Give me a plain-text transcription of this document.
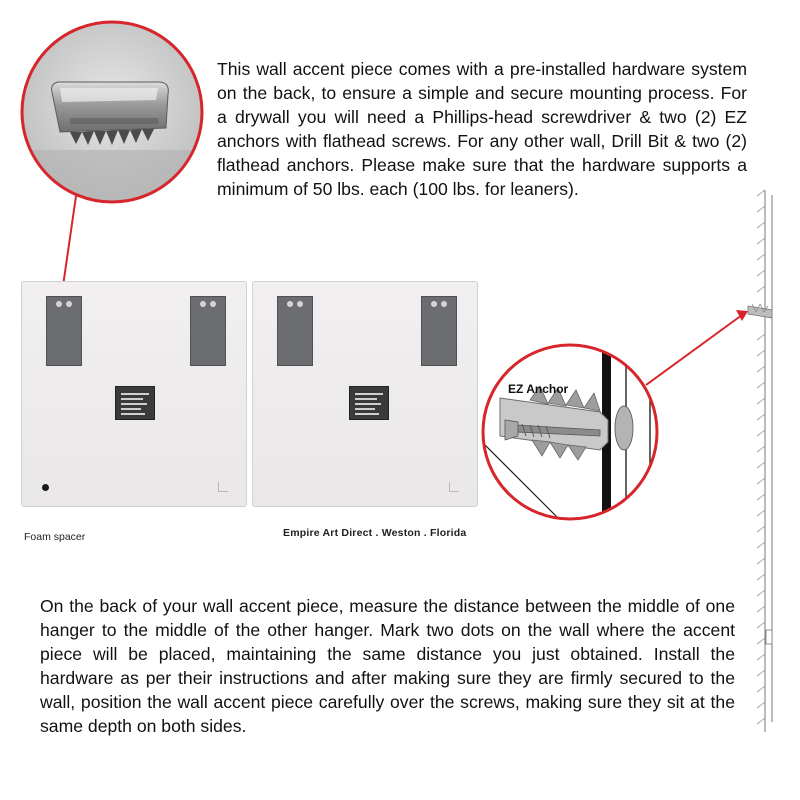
This wall accent piece comes with a pre-installed hardware system on the back, to ensure a simple and secure mounting process. For a drywall you will need a Phillips-head screwdriver & two (2) EZ anchors with flathead screws. For any other wall, Drill Bit & two (2) flathead anchors. Please make sure that the hardware supports a minimum of 50 lbs. each (100 lbs. for leaners).
Foam spacer	Empire Art Direct . Weston . Florida
EZ Anchor
On the back of your wall accent piece, measure the distance between the middle of one hanger to the middle of the other hanger. Mark two dots on the wall where the accent piece will be placed, maintaining the same distance you just obtained. Install the hardware as per their instructions and after making sure they are firmly secured to the wall, position the wall accent piece carefully over the screws, making sure they sit at the same depth on both sides.
